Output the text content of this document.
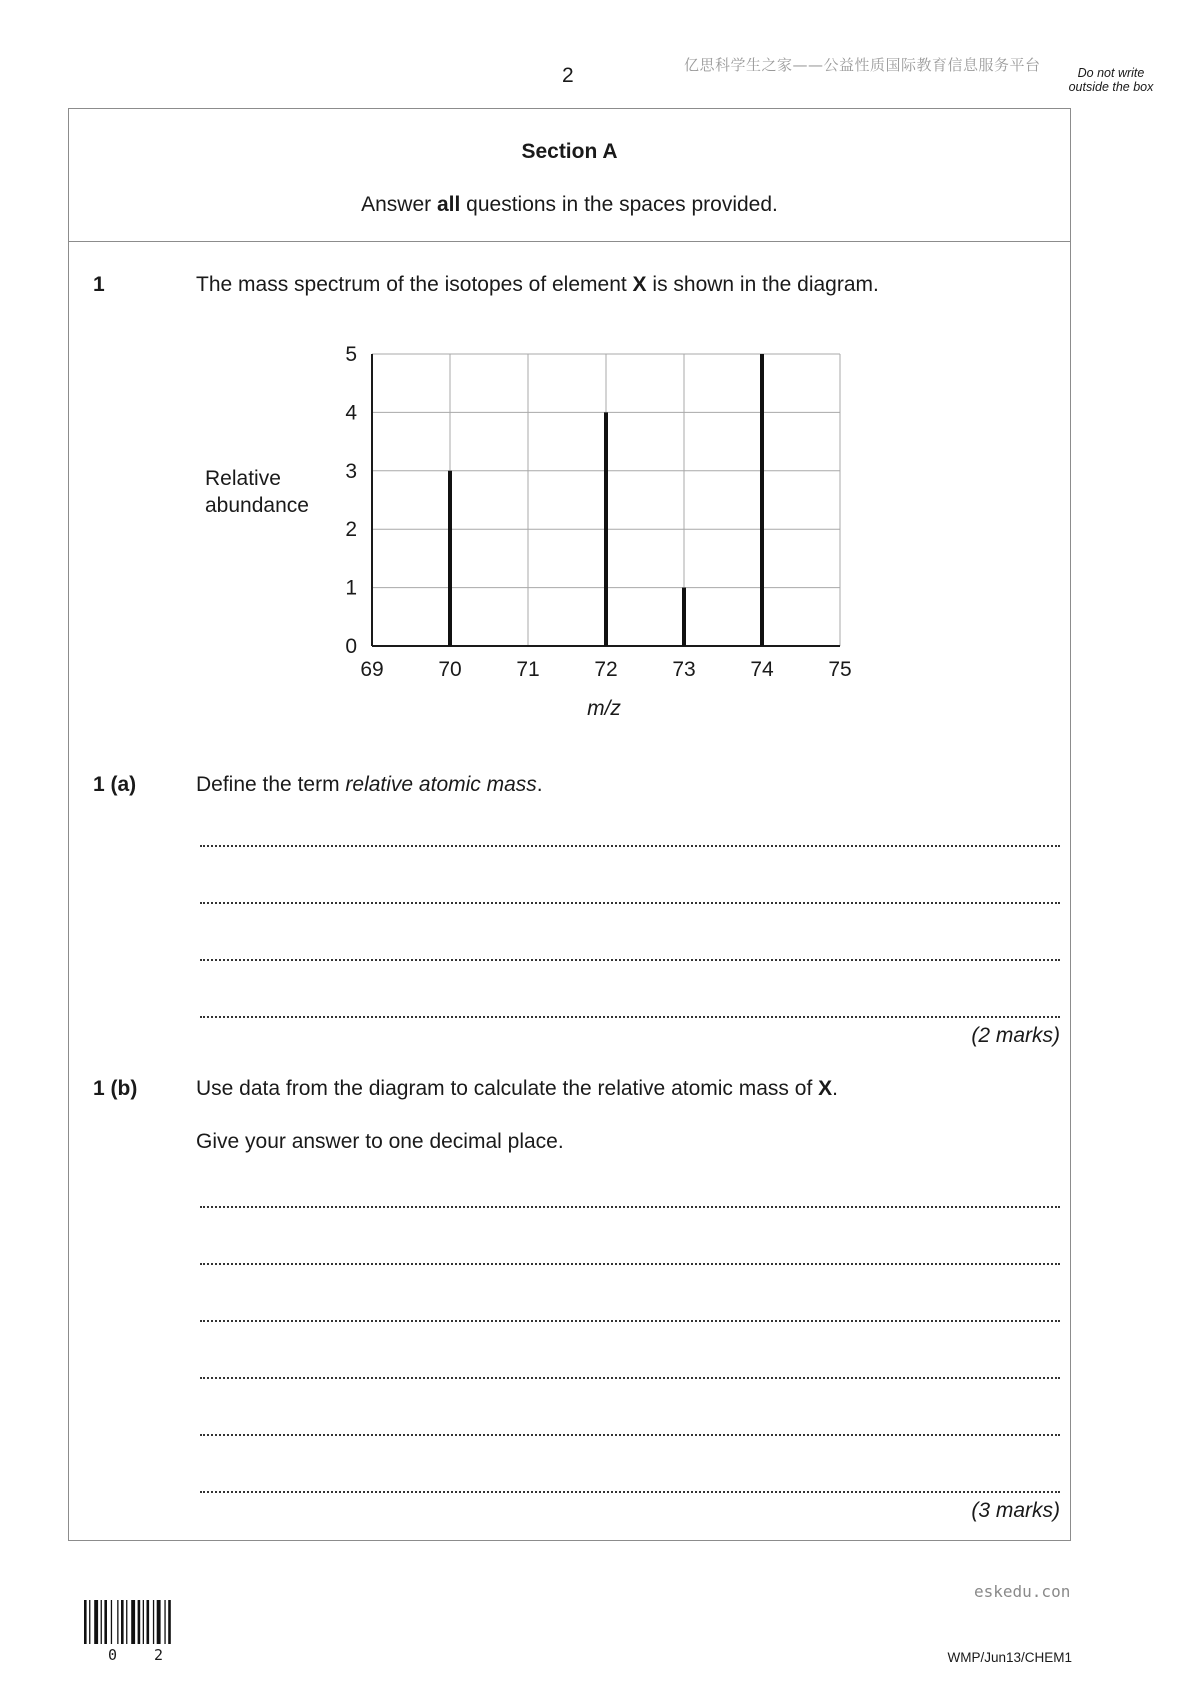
2	亿思科学生之家——公益性质国际教育信息服务平台	Do not write outside the box
Section A
Answer all questions in the spaces provided.
1	The mass spectrum of the isotopes of element X is shown in the diagram.
69	70	71	72	73	74	75
0
1
2
3
4
5
Relative
abundance
m/z
1 (a)	Define the term relative atomic mass.
(2 marks)
1 (b)	Use data from the diagram to calculate the relative atomic mass of X.
Give your answer to one decimal place.
(3 marks)
eskedu.con
0 2	WMP/Jun13/CHEM1
